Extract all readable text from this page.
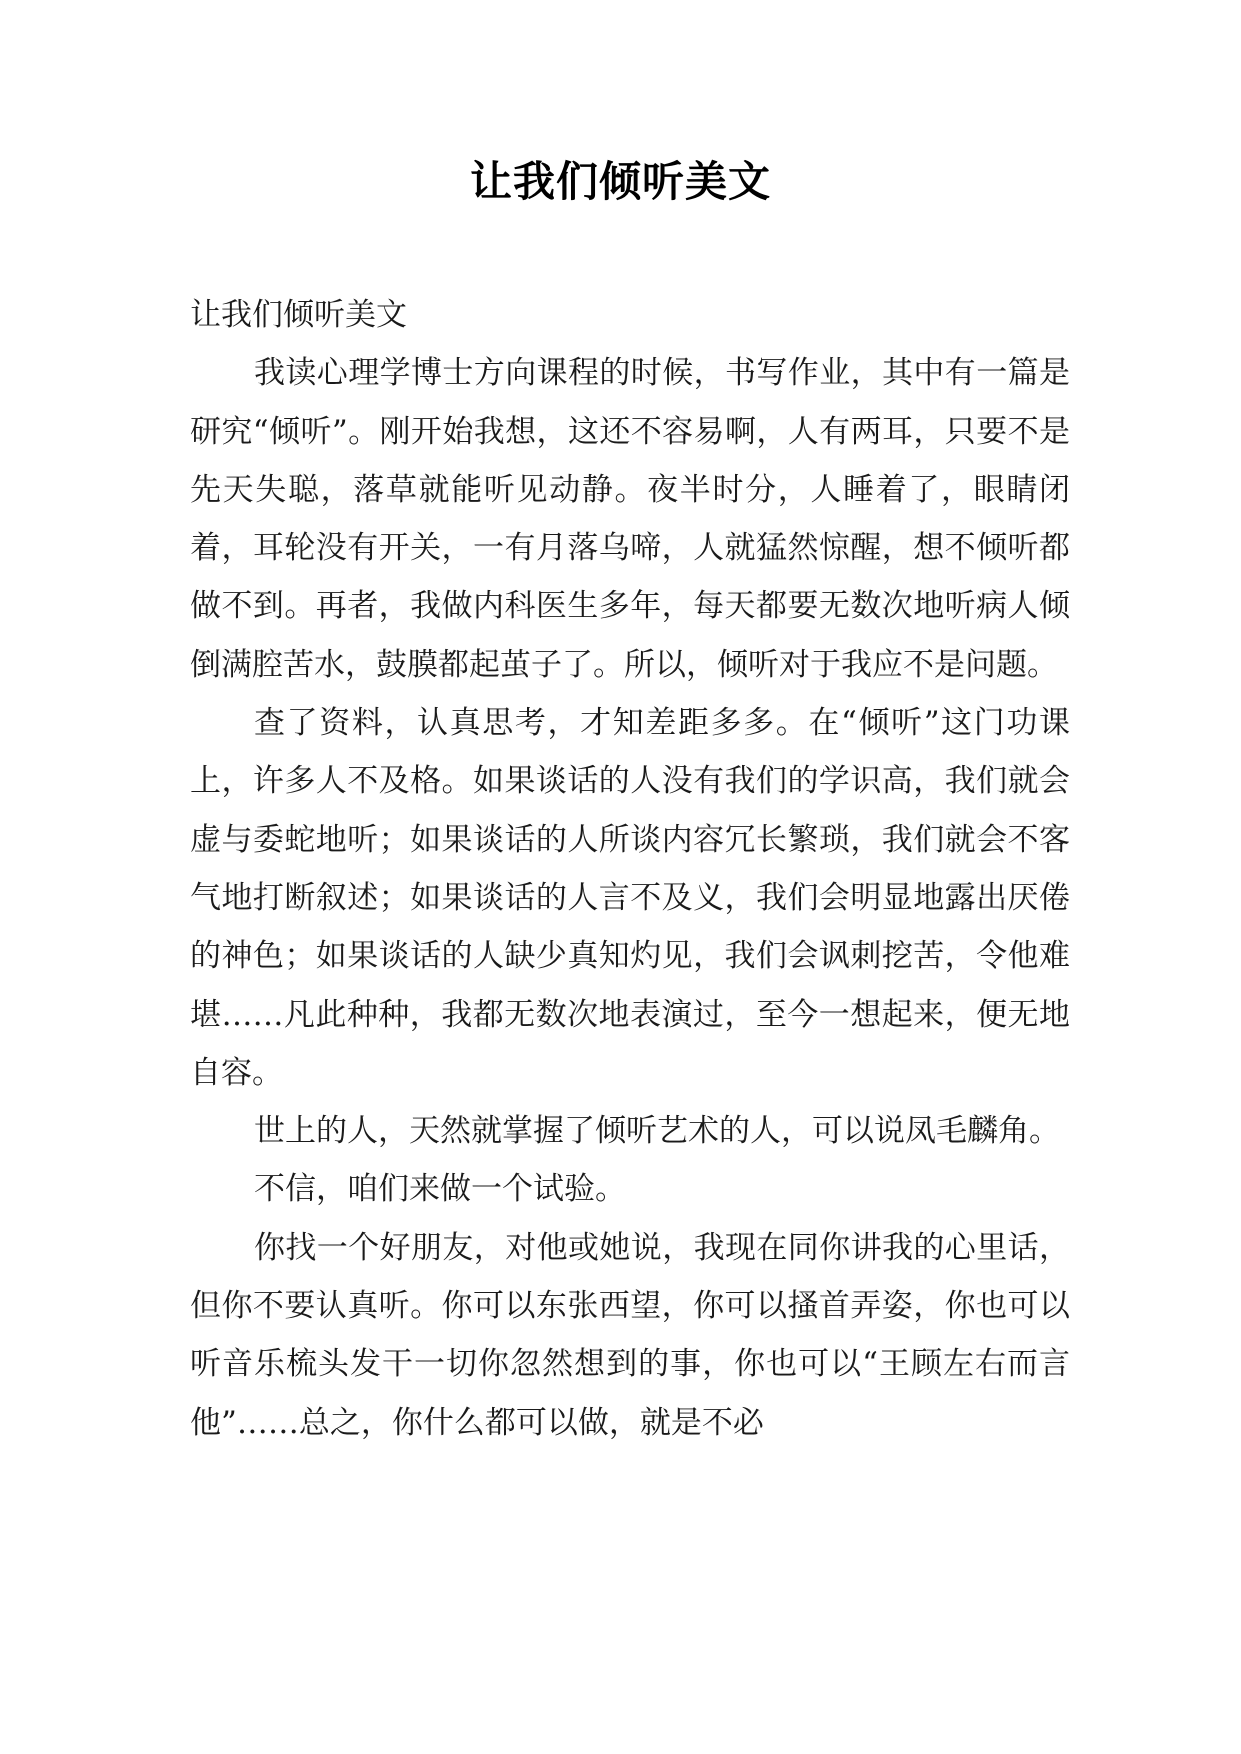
让我们倾听美文

让我们倾听美文

我读心理学博士方向课程的时候，书写作业，其中有一篇是研究“倾听”。刚开始我想，这还不容易啊，人有两耳，只要不是先天失聪，落草就能听见动静。夜半时分，人睡着了，眼睛闭着，耳轮没有开关，一有月落乌啼，人就猛然惊醒，想不倾听都做不到。再者，我做内科医生多年，每天都要无数次地听病人倾倒满腔苦水，鼓膜都起茧子了。所以，倾听对于我应不是问题。

查了资料，认真思考，才知差距多多。在“倾听”这门功课上，许多人不及格。如果谈话的人没有我们的学识高，我们就会虚与委蛇地听；如果谈话的人所谈内容冗长繁琐，我们就会不客气地打断叙述；如果谈话的人言不及义，我们会明显地露出厌倦的神色；如果谈话的人缺少真知灼见，我们会讽刺挖苦，令他难堪……凡此种种，我都无数次地表演过，至今一想起来，便无地自容。

世上的人，天然就掌握了倾听艺术的人，可以说凤毛麟角。

不信，咱们来做一个试验。

你找一个好朋友，对他或她说，我现在同你讲我的心里话，但你不要认真听。你可以东张西望，你可以搔首弄姿，你也可以听音乐梳头发干一切你忽然想到的事，你也可以“王顾左右而言他”……总之，你什么都可以做，就是不必
